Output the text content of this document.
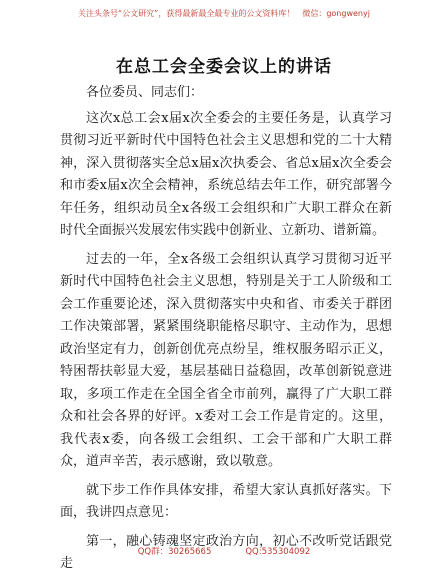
关注头条号“公文研究”，获得最新最全最专业的公文资料库！ 微信：gongwenyj
在总工会全委会议上的讲话

各位委员、同志们：

这次x总工会x届x次全委会的主要任务是，认真学习贯彻习近平新时代中国特色社会主义思想和党的二十大精神，深入贯彻落实全总x届x次执委会、省总x届x次全委会和市委x届x次全会精神，系统总结去年工作，研究部署今年任务，组织动员全x各级工会组织和广大职工群众在新时代全面振兴发展宏伟实践中创新业、立新功、谱新篇。

过去的一年，全x各级工会组织认真学习贯彻习近平新时代中国特色社会主义思想，特别是关于工人阶级和工会工作重要论述，深入贯彻落实中央和省、市委关于群团工作决策部署，紧紧围绕职能格尽职守、主动作为，思想政治坚定有力，创新创优亮点纷呈，维权服务昭示正义，特困帮扶彰显大爱，基层基础日益稳固，改革创新锐意进取，多项工作走在全国全省全市前列，赢得了广大职工群众和社会各界的好评。x委对工会工作是肯定的。这里，我代表x委，向各级工会组织、工会干部和广大职工群众，道声辛苦，表示感谢，致以敬意。

就下步工作作具体安排，希望大家认真抓好落实。下面，我讲四点意见：

第一，融心铸魂坚定政治方向，初心不改听党话跟党走

QQ群：30265665	QQ:535304092
